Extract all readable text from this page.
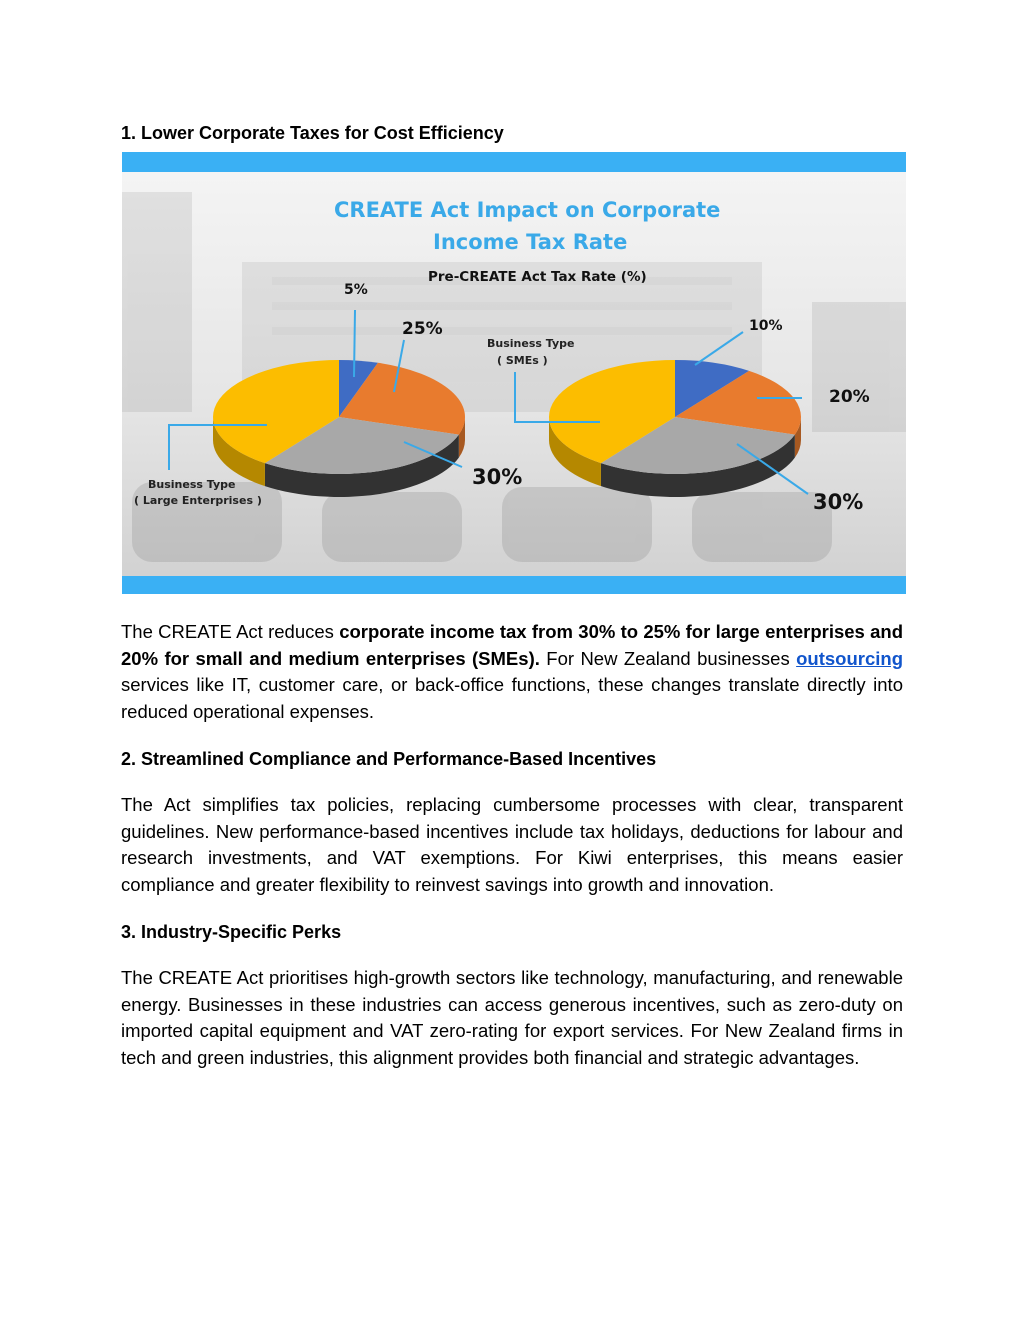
1. Lower Corporate Taxes for Cost Efficiency
CREATE Act Impact on Corporate
Income Tax Rate
Pre-CREATE Act Tax Rate (%)
5%
25%
30%
Business Type
( Large Enterprises )
10%
20%
30%
Business Type
( SMEs )

The CREATE Act reduces corporate income tax from 30% to 25% for large enterprises and 20% for small and medium enterprises (SMEs). For New Zealand businesses outsourcing services like IT, customer care, or back-office functions, these changes translate directly into reduced operational expenses.

2. Streamlined Compliance and Performance-Based Incentives

The Act simplifies tax policies, replacing cumbersome processes with clear, transparent guidelines. New performance-based incentives include tax holidays, deductions for labour and research investments, and VAT exemptions. For Kiwi enterprises, this means easier compliance and greater flexibility to reinvest savings into growth and innovation.

3. Industry-Specific Perks

The CREATE Act prioritises high-growth sectors like technology, manufacturing, and renewable energy. Businesses in these industries can access generous incentives, such as zero-duty on imported capital equipment and VAT zero-rating for export services. For New Zealand firms in tech and green industries, this alignment provides both financial and strategic advantages.
